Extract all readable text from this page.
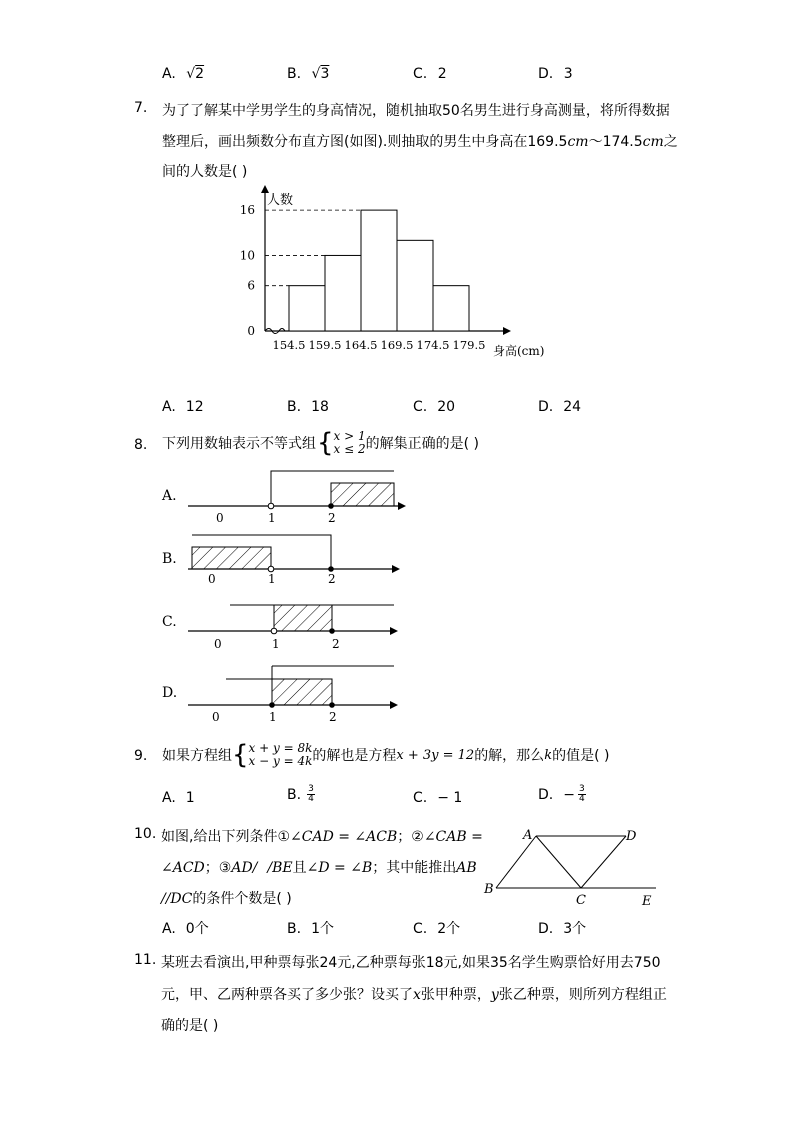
A. √2	B. √3	C. 2	D. 3
7. 为了了解某中学男学生的身高情况，随机抽取50名男生进行身高测量，将所得数据
整理后，画出频数分布直方图(如图).则抽取的男生中身高在169.5cm～174.5cm之
间的人数是( )
人数
身高(cm)
0
6
10
16
154.5 159.5 164.5 169.5 174.5 179.5
A. 12	B. 18	C. 20	D. 24
8. 下列用数轴表示不等式组 { x > 1
x ≤ 2 的解集正确的是( )
A.
B.
C.
D.
0	1	2
0	1	2
0	1	2
0	1	2
9. 如果方程组 { x + y = 8k
x − y = 4k 的解也是方程 x + 3y = 12 的解，那么 k 的值是( )
A. 1	B. $\frac{3}{4}$	C. − 1	D. − $\frac{3}{4}$
10. 如图,给出下列条件①∠CAD = ∠ACB；②∠CAB =
∠ACD；③AD/ /BE且∠D = ∠B；其中能推出AB
//DC的条件个数是( )
A	D
B
C	E
A. 0个	B. 1个	C. 2个	D. 3个
11. 某班去看演出,甲种票每张24元,乙种票每张18元,如果35名学生购票恰好用去750
元，甲、乙两种票各买了多少张？设买了x张甲种票，y张乙种票，则所列方程组正
确的是( )
